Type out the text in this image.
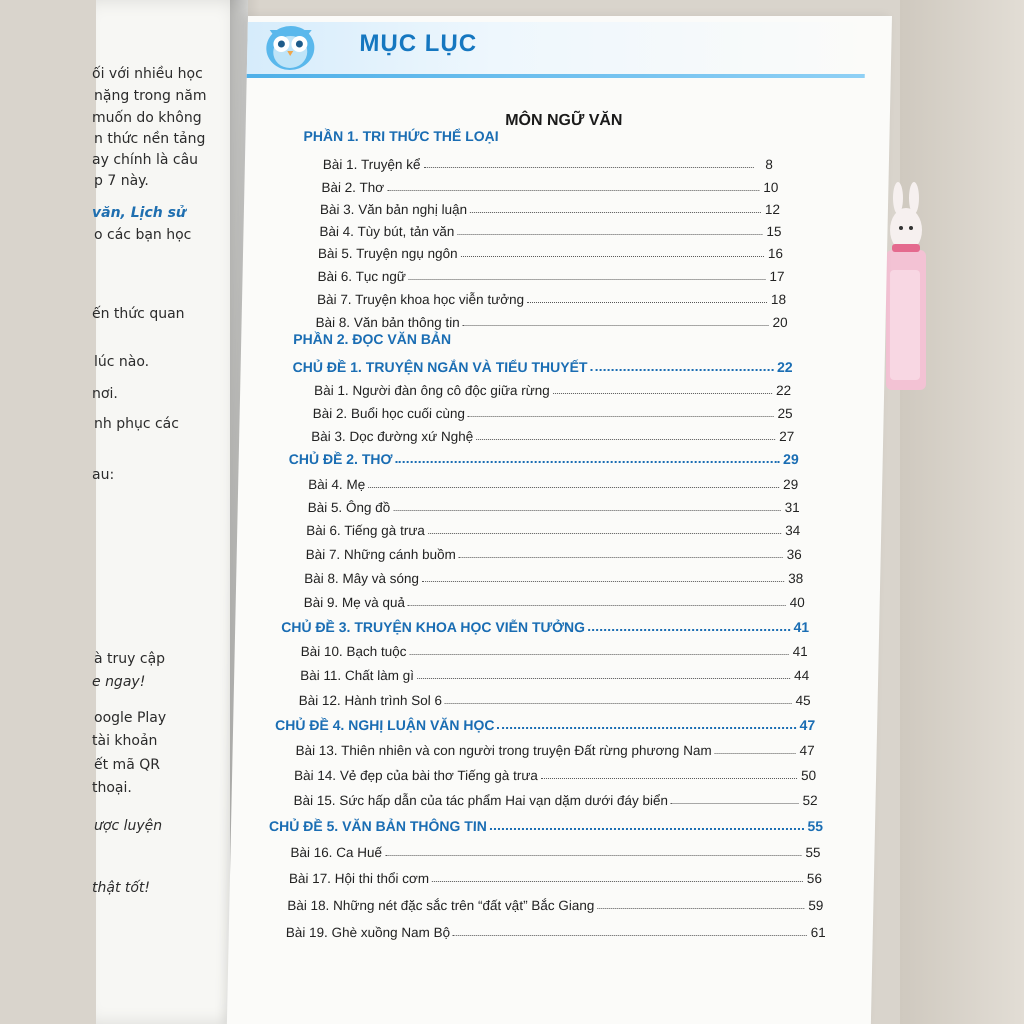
ối với nhiều học
nặng trong năm
muốn do không
n thức nền tảng
ay chính là câu
p 7 này.
văn, Lịch sử
o các bạn học
ến thức quan
lúc nào.
nơi.
nh phục các
au:
à truy cập
e ngay!
oogle Play
tài khoản
ết mã QR
thoại.
ược luyện
thật tốt!
MỤC LỤC
MÔN NGỮ VĂN
PHẦN 1. TRI THỨC THỂ LOẠI
PHẦN 2. ĐỌC VĂN BẢN
Bài 1. Truyện kể	8
Bài 2. Thơ	10
Bài 3. Văn bản nghị luận	12
Bài 4. Tùy bút, tản văn	15
Bài 5. Truyện ngụ ngôn	16
Bài 6. Tục ngữ	17
Bài 7. Truyện khoa học viễn tưởng	18
Bài 8. Văn bản thông tin	20
CHỦ ĐỀ 1. TRUYỆN NGẮN VÀ TIỂU THUYẾT	22
Bài 1. Người đàn ông cô độc giữa rừng	22
Bài 2. Buổi học cuối cùng	25
Bài 3. Dọc đường xứ Nghệ	27
CHỦ ĐỀ 2. THƠ	29
Bài 4. Mẹ	29
Bài 5. Ông đồ	31
Bài 6. Tiếng gà trưa	34
Bài 7. Những cánh buồm	36
Bài 8. Mây và sóng	38
Bài 9. Mẹ và quả	40
CHỦ ĐỀ 3. TRUYỆN KHOA HỌC VIỄN TƯỞNG	41
Bài 10. Bạch tuộc	41
Bài 11. Chất làm gì	44
Bài 12. Hành trình Sol 6	45
CHỦ ĐỀ 4. NGHỊ LUẬN VĂN HỌC	47
Bài 13. Thiên nhiên và con người trong truyện Đất rừng phương Nam	47
Bài 14. Vẻ đẹp của bài thơ Tiếng gà trưa	50
Bài 15. Sức hấp dẫn của tác phẩm Hai vạn dặm dưới đáy biển	52
CHỦ ĐỀ 5. VĂN BẢN THÔNG TIN	55
Bài 16. Ca Huế	55
Bài 17. Hội thi thổi cơm	56
Bài 18. Những nét đặc sắc trên “đất vật” Bắc Giang	59
Bài 19. Ghè xuồng Nam Bộ	61
